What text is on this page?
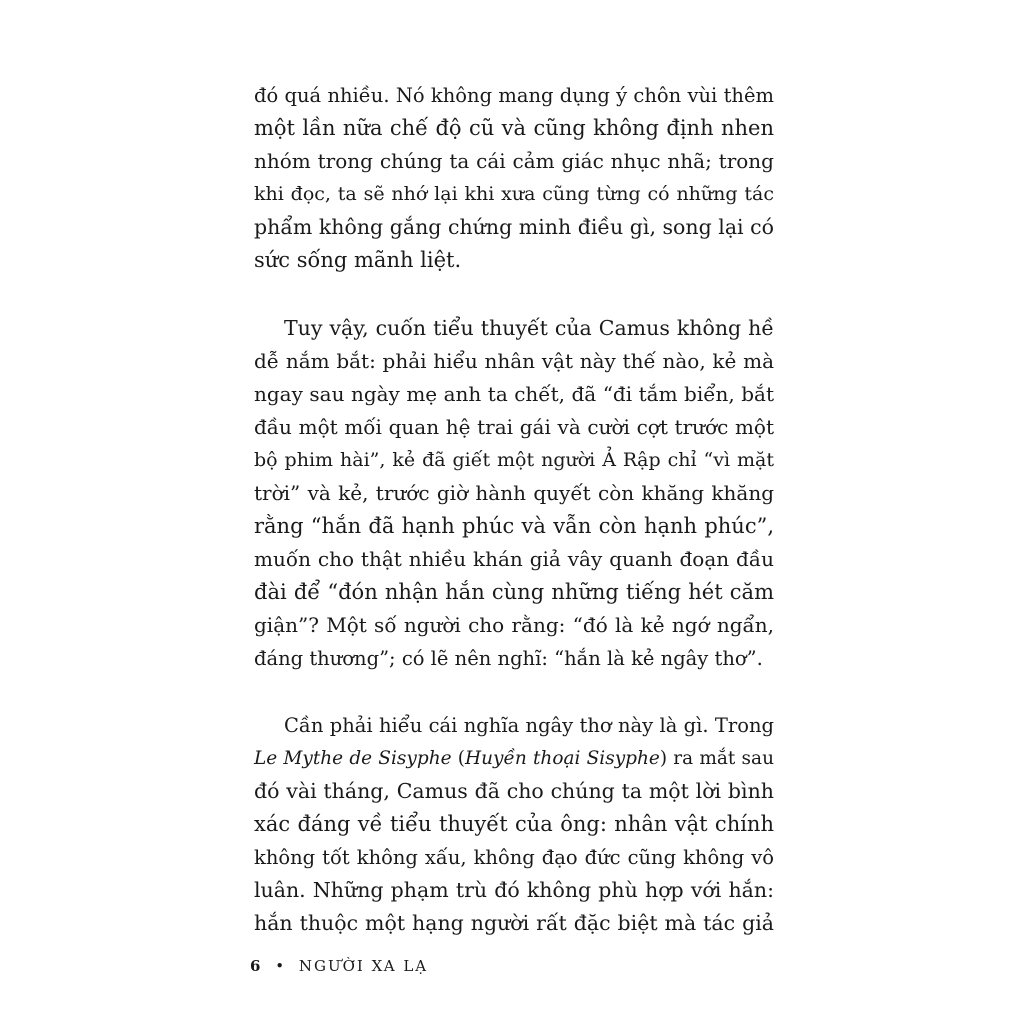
đó quá nhiều. Nó không mang dụng ý chôn vùi thêm
một lần nữa chế độ cũ và cũng không định nhen
nhóm trong chúng ta cái cảm giác nhục nhã; trong
khi đọc, ta sẽ nhớ lại khi xưa cũng từng có những tác
phẩm không gắng chứng minh điều gì, song lại có
sức sống mãnh liệt.
Tuy vậy, cuốn tiểu thuyết của Camus không hề
dễ nắm bắt: phải hiểu nhân vật này thế nào, kẻ mà
ngay sau ngày mẹ anh ta chết, đã “đi tắm biển, bắt
đầu một mối quan hệ trai gái và cười cợt trước một
bộ phim hài”, kẻ đã giết một người Ả Rập chỉ “vì mặt
trời” và kẻ, trước giờ hành quyết còn khăng khăng
rằng “hắn đã hạnh phúc và vẫn còn hạnh phúc”,
muốn cho thật nhiều khán giả vây quanh đoạn đầu
đài để “đón nhận hắn cùng những tiếng hét căm
giận”? Một số người cho rằng: “đó là kẻ ngớ ngẩn,
đáng thương”; có lẽ nên nghĩ: “hắn là kẻ ngây thơ”.
Cần phải hiểu cái nghĩa ngây thơ này là gì. Trong
Le Mythe de Sisyphe (Huyền thoại Sisyphe) ra mắt sau
đó vài tháng, Camus đã cho chúng ta một lời bình
xác đáng về tiểu thuyết của ông: nhân vật chính
không tốt không xấu, không đạo đức cũng không vô
luân. Những phạm trù đó không phù hợp với hắn:
hắn thuộc một hạng người rất đặc biệt mà tác giả
6 • NGƯỜI XA LẠ
